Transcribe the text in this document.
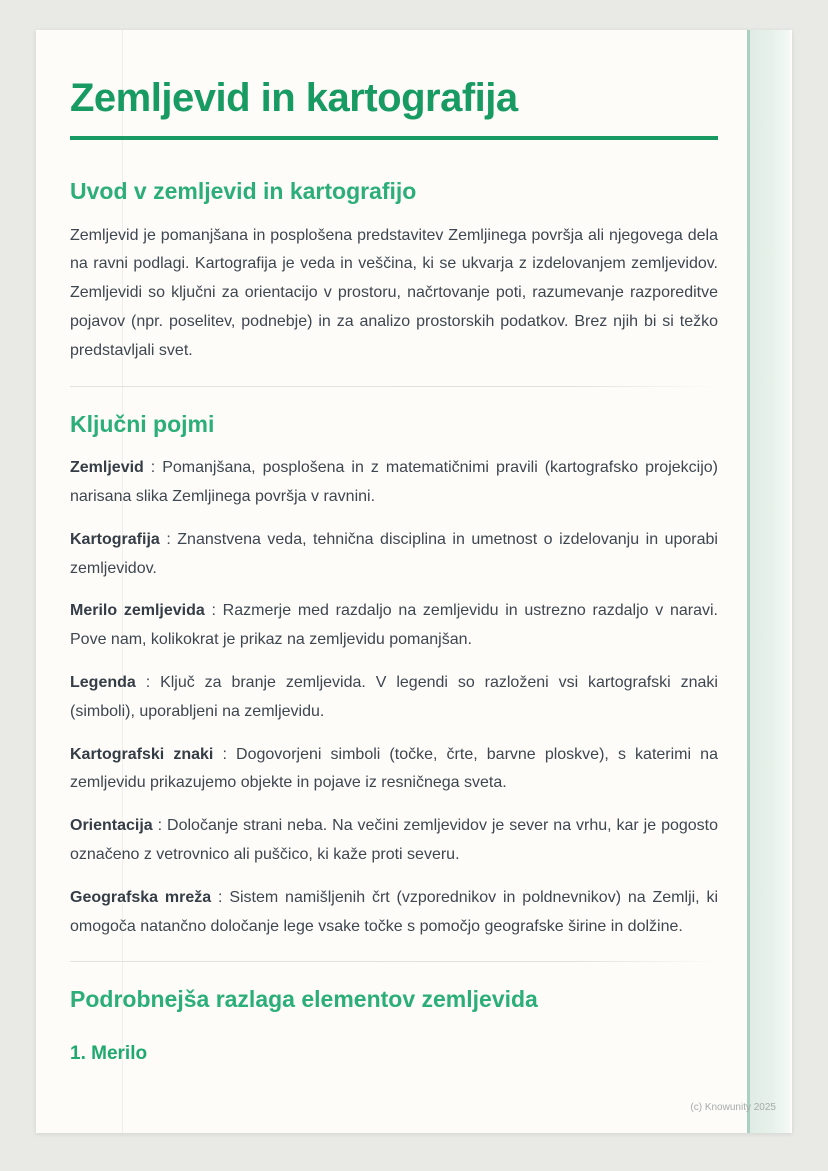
Zemljevid in kartografija
Uvod v zemljevid in kartografijo

Zemljevid je pomanjšana in posplošena predstavitev Zemljinega površja ali njegovega dela na ravni podlagi. Kartografija je veda in veščina, ki se ukvarja z izdelovanjem zemljevidov. Zemljevidi so ključni za orientacijo v prostoru, načrtovanje poti, razumevanje razporeditve pojavov (npr. poselitev, podnebje) in za analizo prostorskih podatkov. Brez njih bi si težko predstavljali svet.

Ključni pojmi

Zemljevid : Pomanjšana, posplošena in z matematičnimi pravili (kartografsko projekcijo) narisana slika Zemljinega površja v ravnini.

Kartografija : Znanstvena veda, tehnična disciplina in umetnost o izdelovanju in uporabi zemljevidov.

Merilo zemljevida : Razmerje med razdaljo na zemljevidu in ustrezno razdaljo v naravi. Pove nam, kolikokrat je prikaz na zemljevidu pomanjšan.

Legenda : Ključ za branje zemljevida. V legendi so razloženi vsi kartografski znaki (simboli), uporabljeni na zemljevidu.

Kartografski znaki : Dogovorjeni simboli (točke, črte, barvne ploskve), s katerimi na zemljevidu prikazujemo objekte in pojave iz resničnega sveta.

Orientacija : Določanje strani neba. Na večini zemljevidov je sever na vrhu, kar je pogosto označeno z vetrovnico ali puščico, ki kaže proti severu.

Geografska mreža : Sistem namišljenih črt (vzporednikov in poldnevnikov) na Zemlji, ki omogoča natančno določanje lege vsake točke s pomočjo geografske širine in dolžine.

Podrobnejša razlaga elementov zemljevida
1. Merilo
(c) Knowunity 2025
